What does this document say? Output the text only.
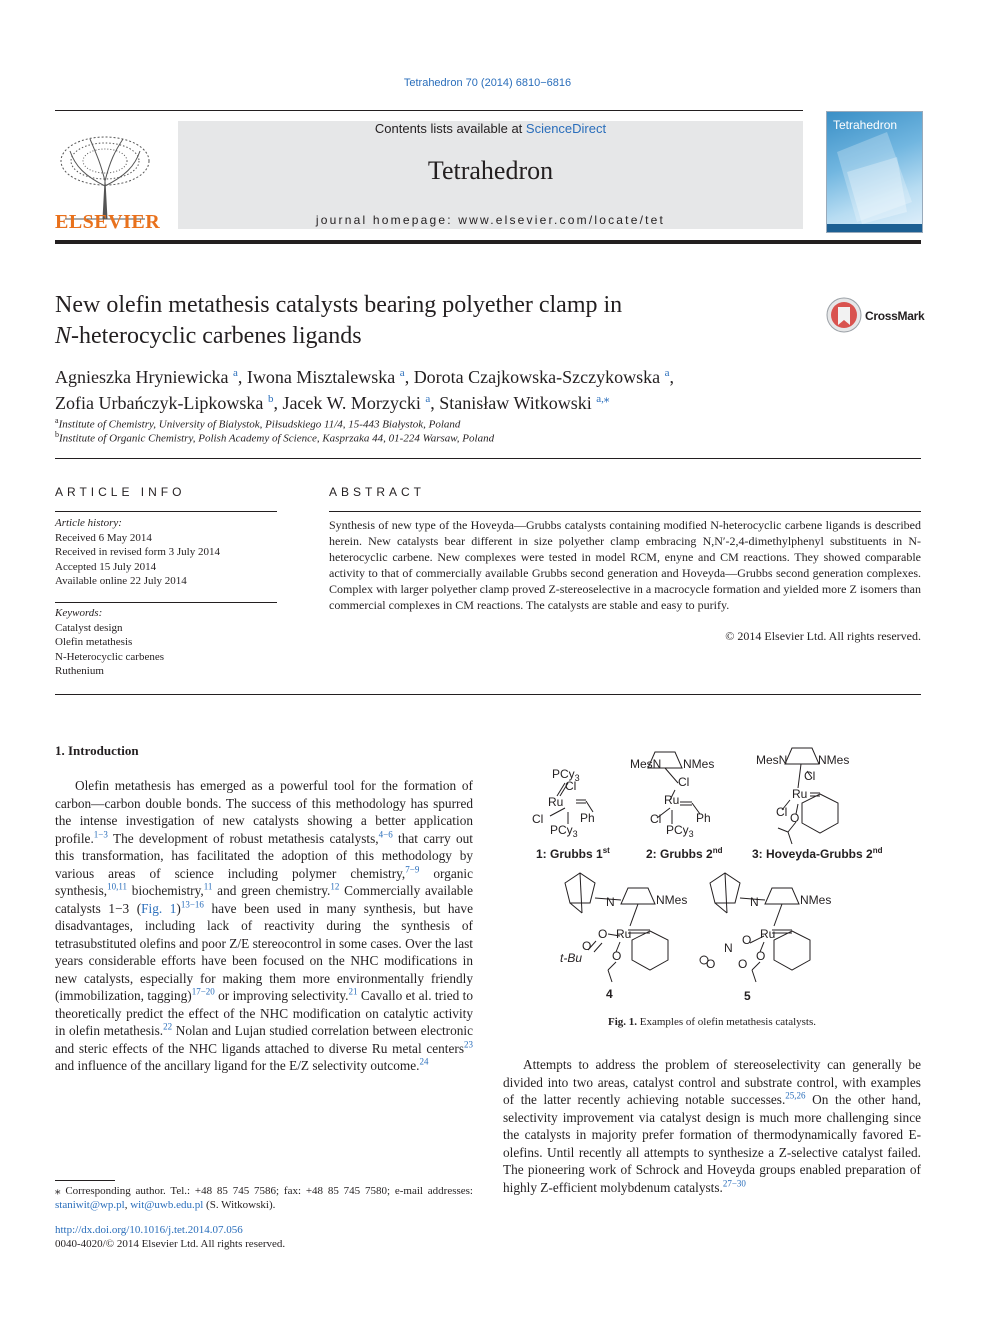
Tetrahedron 70 (2014) 6810−6816
ELSEVIER
Contents lists available at ScienceDirect
Tetrahedron
journal homepage: www.elsevier.com/locate/tet
Tetrahedron
New olefin metathesis catalysts bearing polyether clamp in
N-heterocyclic carbenes ligands
CrossMark
Agnieszka Hryniewicka $^a$, Iwona Misztalewska $^a$, Dorota Czajkowska-Szczykowska $^a$,
Zofia Urbańczyk-Lipkowska $^b$, Jacek W. Morzycki $^a$, Stanisław Witkowski $^{a,⁎}$
$^a$Institute of Chemistry, University of Bialystok, Piłsudskiego 11/4, 15-443 Białystok, Poland
$^b$Institute of Organic Chemistry, Polish Academy of Science, Kasprzaka 44, 01-224 Warsaw, Poland
ARTICLE INFO	ABSTRACT
Article history:
Received 6 May 2014
Received in revised form 3 July 2014
Accepted 15 July 2014
Available online 22 July 2014
Keywords:
Catalyst design
Olefin metathesis
N-Heterocyclic carbenes
Ruthenium
Synthesis of new type of the Hoveyda—Grubbs catalysts containing modified N-heterocyclic carbene ligands is described herein. New catalysts bear different in size polyether clamp embracing N,N′-2,4-dimethylphenyl substituents in N-heterocyclic carbene. New complexes were tested in model RCM, enyne and CM reactions. They showed comparable activity to that of commercially available Grubbs second generation and Hoveyda—Grubbs second generation complexes. Complex with larger polyether clamp proved Z-stereoselective in a macrocycle formation and yielded more Z isomers than commercial complexes in CM reactions. The catalysts are stable and easy to purify.
© 2014 Elsevier Ltd. All rights reserved.
1. Introduction
Olefin metathesis has emerged as a powerful tool for the formation of carbon—carbon double bonds. The success of this methodology has spurred the intense investigation of new catalysts showing a better application profile.$^{1-3}$ The development of robust metathesis catalysts,$^{4-6}$ that carry out this transformation, has facilitated the adoption of this methodology by various areas of science including polymer chemistry,$^{7-9}$ organic synthesis,$^{10,11}$ biochemistry,$^{11}$ and green chemistry.$^{12}$ Commercially available catalysts 1−3 (Fig. 1)$^{13-16}$ have been used in many synthesis, but have disadvantages, including lack of reactivity during the synthesis of tetrasubstituted olefins and poor Z/E stereocontrol in some cases. Over the last years considerable efforts have been focused on the NHC modifications in new catalysts, especially for making them more environmentally friendly (immobilization, tagging)$^{17-20}$ or improving selectivity.$^{21}$ Cavallo et al. tried to theoretically predict the effect of the NHC modification on catalytic activity in olefin metathesis.$^{22}$ Nolan and Lujan studied correlation between electronic and steric effects of the NHC ligands attached to diverse Ru metal centers$^{23}$ and influence of the ancillary ligand for the E/Z selectivity outcome.$^{24}$	Attempts to address the problem of stereoselectivity can generally be divided into two areas, catalyst control and substrate control, with examples of the latter recently achieving notable successes.$^{25,26}$ On the other hand, selectivity improvement via catalyst design is much more challenging since the catalysts in majority prefer formation of thermodynamically favored E-olefins. Until recently all attempts to synthesize a Z-selective catalyst failed. The pioneering work of Schrock and Hoveyda groups enabled preparation of highly Z-efficient molybdenum catalysts.$^{27-30}$
⁎ Corresponding author. Tel.: +48 85 745 7586; fax: +48 85 745 7580; e-mail addresses: staniwit@wp.pl, wit@uwb.edu.pl (S. Witkowski).
http://dx.doi.org/10.1016/j.tet.2014.07.056
0040-4020/© 2014 Elsevier Ltd. All rights reserved.
PCy$_3$
Cl
Ru
Cl	Ph
PCy$_3$
1: Grubbs 1st
MesN NMes
Cl
Ru
Cl	Ph
PCy$_3$
2: Grubbs 2nd
MesN	NMes
Cl
Ru
Cl O
3: Hoveyda-Grubbs 2nd
N	NMes
Ru
O
O
t-Bu O
4
N	NMes
Ru
O
N
O O
O
5
Fig. 1. Examples of olefin metathesis catalysts.
